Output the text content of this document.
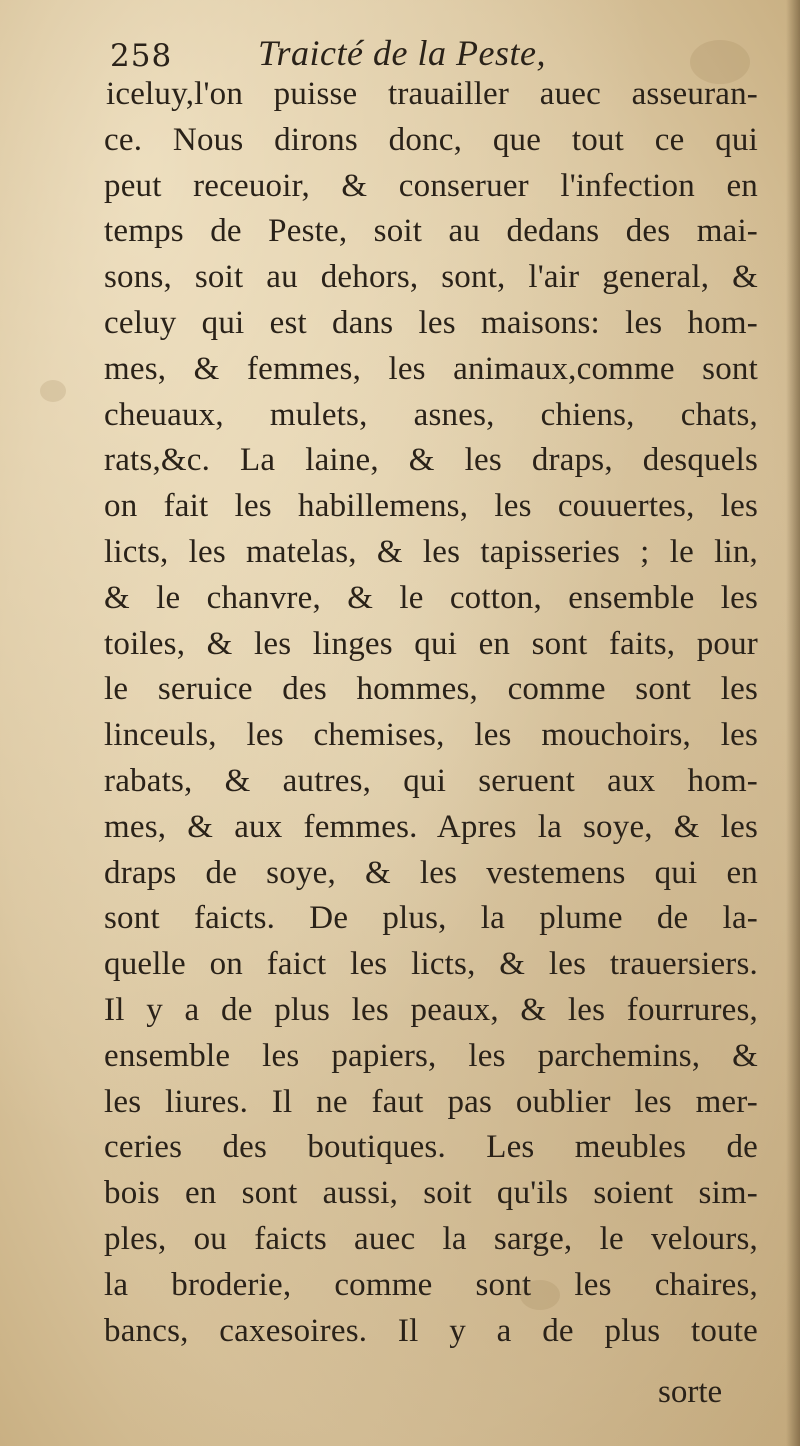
258 Traicté de la Peste,
iceluy,l'on puisse trauailler auec asseuran-
ce. Nous dirons donc, que tout ce qui
peut receuoir, & conseruer l'infection en
temps de Peste, soit au dedans des mai-
sons, soit au dehors, sont, l'air general, &
celuy qui est dans les maisons: les hom-
mes, & femmes, les animaux,comme sont
cheuaux, mulets, asnes, chiens, chats,
rats,&c. La laine, & les draps, desquels
on fait les habillemens, les couuertes, les
licts, les matelas, & les tapisseries ; le lin,
& le chanvre, & le cotton, ensemble les
toiles, & les linges qui en sont faits, pour
le seruice des hommes, comme sont les
linceuls, les chemises, les mouchoirs, les
rabats, & autres, qui seruent aux hom-
mes, & aux femmes. Apres la soye, & les
draps de soye, & les vestemens qui en
sont faicts. De plus, la plume de la-
quelle on faict les licts, & les trauersiers.
Il y a de plus les peaux, & les fourrures,
ensemble les papiers, les parchemins, &
les liures. Il ne faut pas oublier les mer-
ceries des boutiques. Les meubles de
bois en sont aussi, soit qu'ils soient sim-
ples, ou faicts auec la sarge, le velours,
la broderie, comme sont les chaires,
bancs, caxesoires. Il y a de plus toute
sorte
